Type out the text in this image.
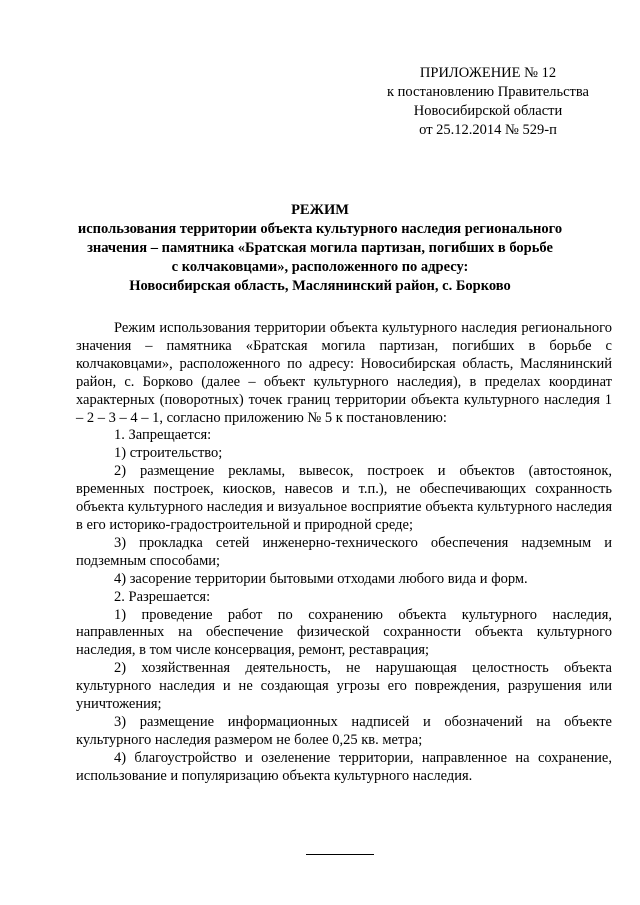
ПРИЛОЖЕНИЕ № 12
к постановлению Правительства
Новосибирской области
от 25.12.2014 № 529-п
РЕЖИМ
использования территории объекта культурного наследия регионального
значения – памятника «Братская могила партизан, погибших в борьбе
с колчаковцами», расположенного по адресу:
Новосибирская область, Маслянинский район, с. Борково

Режим использования территории объекта культурного наследия регионального значения – памятника «Братская могила партизан, погибших в борьбе с колчаковцами», расположенного по адресу: Новосибирская область, Маслянинский район, с. Борково (далее – объект культурного наследия), в пределах координат характерных (поворотных) точек границ территории объекта культурного наследия 1 – 2 – 3 – 4 – 1, согласно приложению № 5 к постановлению:

1. Запрещается:

1) строительство;

2) размещение рекламы, вывесок, построек и объектов (автостоянок, временных построек, киосков, навесов и т.п.), не обеспечивающих сохранность объекта культурного наследия и визуальное восприятие объекта культурного наследия в его историко-градостроительной и природной среде;

3) прокладка сетей инженерно-технического обеспечения надземным и подземным способами;

4) засорение территории бытовыми отходами любого вида и форм.

2. Разрешается:

1) проведение работ по сохранению объекта культурного наследия, направленных на обеспечение физической сохранности объекта культурного наследия, в том числе консервация, ремонт, реставрация;

2) хозяйственная деятельность, не нарушающая целостность объекта культурного наследия и не создающая угрозы его повреждения, разрушения или уничтожения;

3) размещение информационных надписей и обозначений на объекте культурного наследия размером не более 0,25 кв. метра;

4) благоустройство и озеленение территории, направленное на сохранение, использование и популяризацию объекта культурного наследия.
